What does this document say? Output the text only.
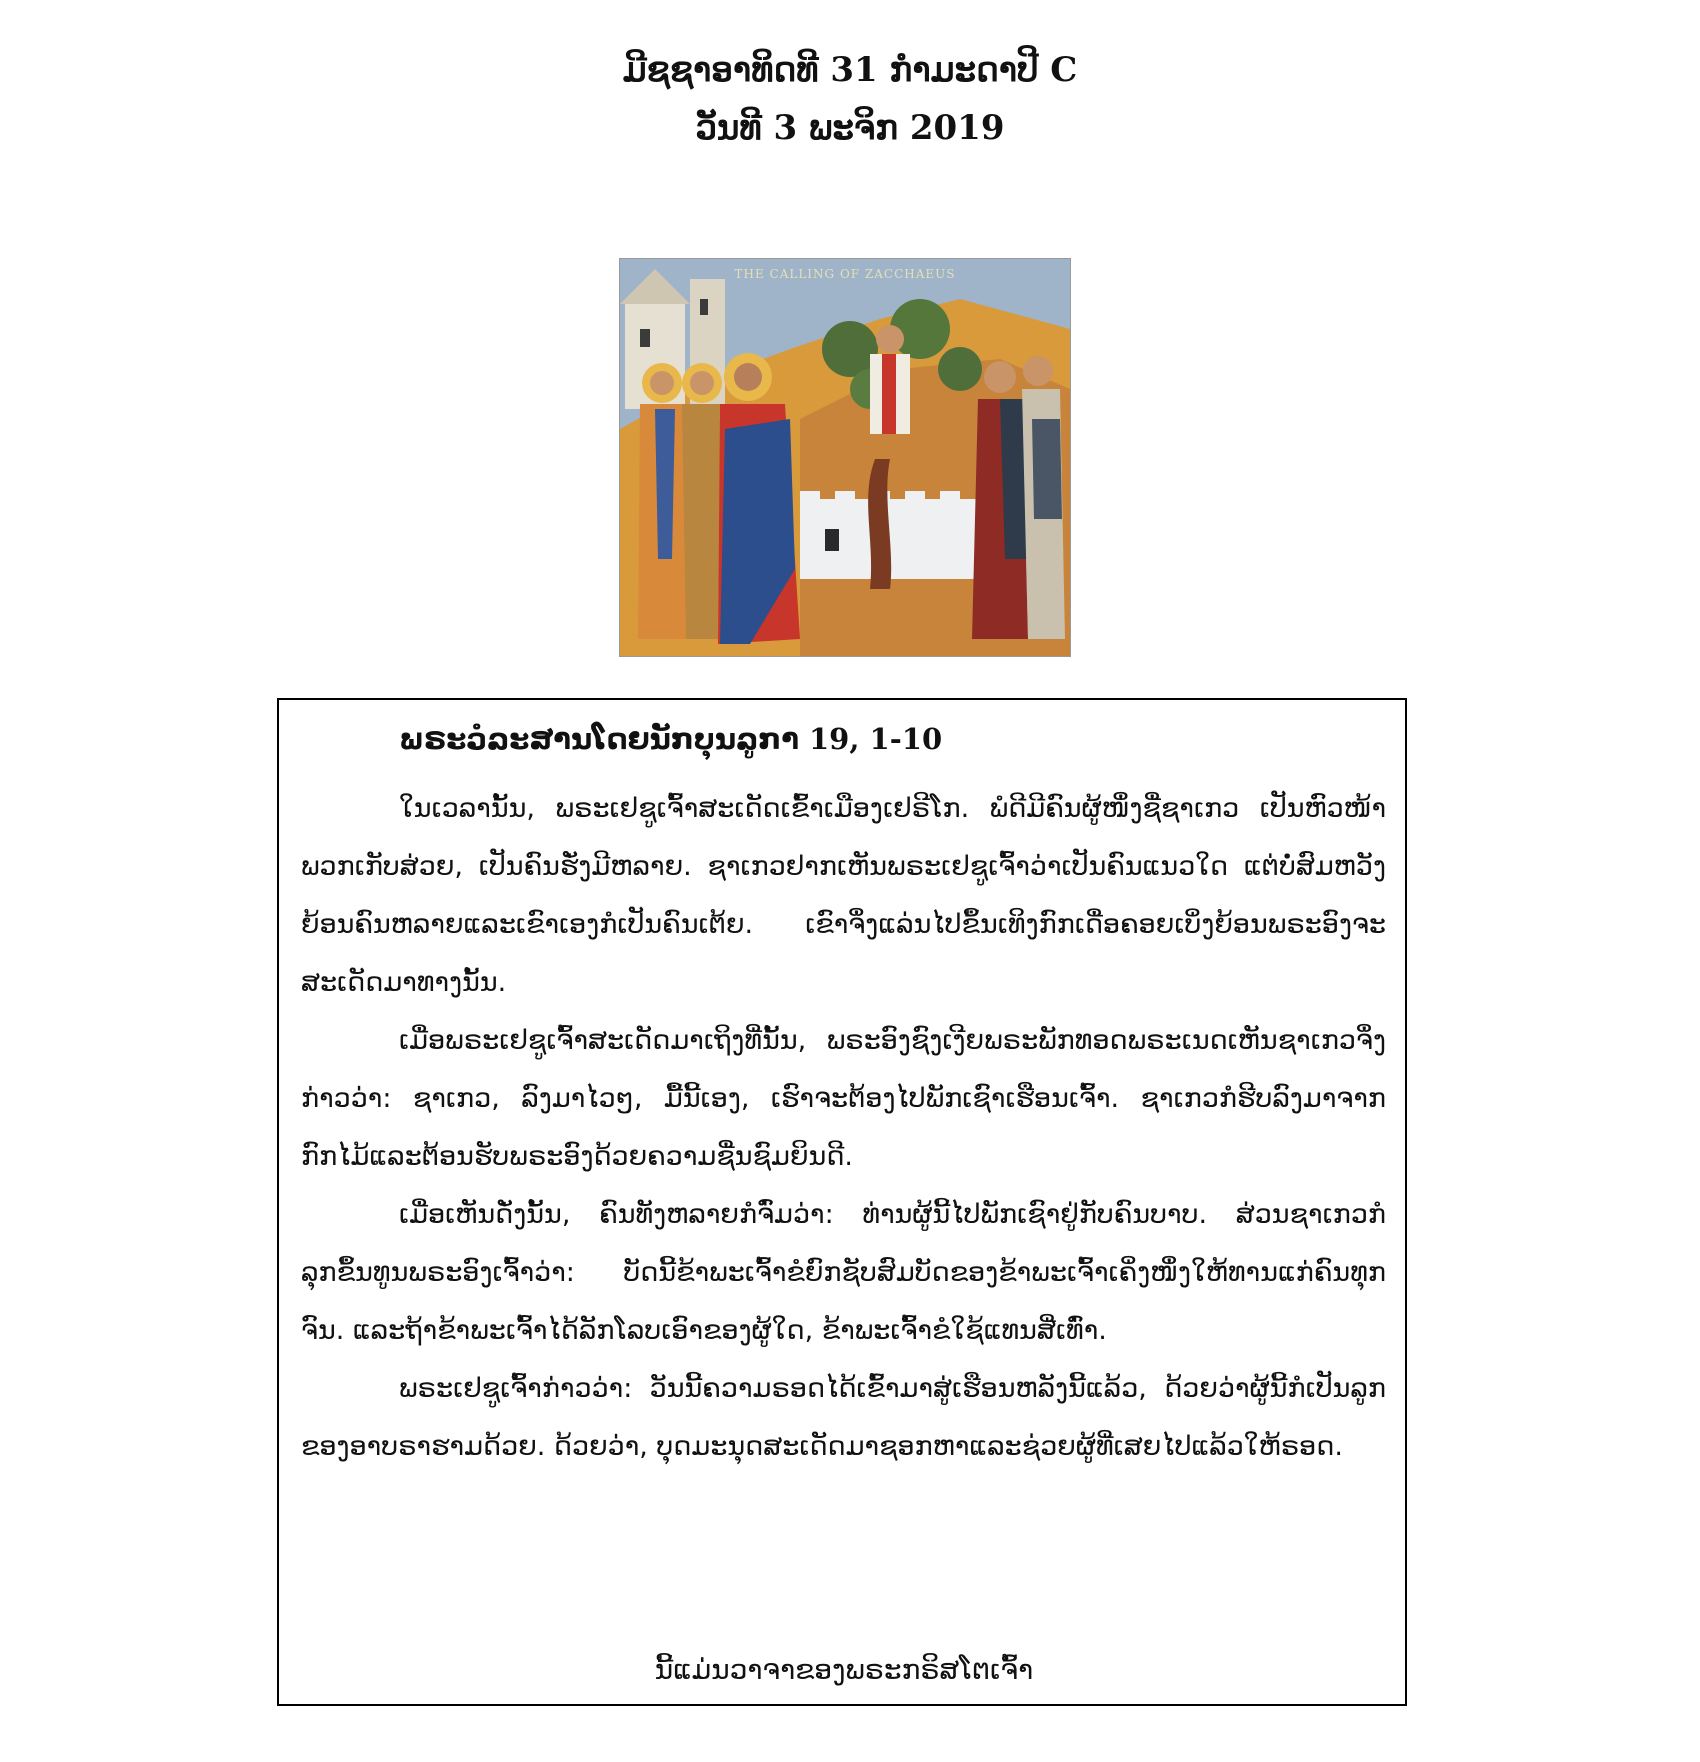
ມີຊຊາອາທິດທີ 31 ກໍາມະດາປີ C
ວັນທີ 3 ພະຈິກ 2019
THE CALLING OF ZACCHAEUS
ພຣະວໍລະສານໂດຍນັກບຸນລູກາ 19, 1-10

ໃນເວລານັ້ນ, ພຣະເຢຊູເຈົ້າສະເດັດເຂົ້າເມືອງເຢຣີໂກ. ພໍດີມີຄົນຜູ້ໜຶ່ງຊື່ຊາເກວ ເປັນຫົວໜ້າພວກເກັບສ່ວຍ, ເປັນຄົນຮັ່ງມີຫລາຍ. ຊາເກວຢາກເຫັນພຣະເຢຊູເຈົ້າວ່າເປັນຄົນແນວໃດ ແຕ່ບໍ່ສົມຫວັງຍ້ອນຄົນຫລາຍແລະເຂົາເອງກໍເປັນຄົນເຕ້ຍ. ເຂົາຈຶ່ງແລ່ນໄປຂຶ້ນເທິງກົກເດື່ອຄອຍເບິ່ງຍ້ອນພຣະອົງຈະສະເດັດມາທາງນັ້ນ.

ເມື່ອພຣະເຢຊູເຈົ້າສະເດັດມາເຖິງທີ່ນັ້ນ, ພຣະອົງຊົງເງີຍພຣະພັກທອດພຣະເນດເຫັນຊາເກວຈຶ່ງກ່າວວ່າ: ຊາເກວ, ລົງມາໄວໆ, ມື້ນີ້ເອງ, ເຮົາຈະຕ້ອງໄປພັກເຊົາເຮືອນເຈົ້າ. ຊາເກວກໍຮີບລົງມາຈາກກົກໄມ້ແລະຕ້ອນຮັບພຣະອົງດ້ວຍຄວາມຊື່ນຊົມຍິນດີ.

ເມື່ອເຫັນດັ່ງນັ້ນ, ຄົນທັງຫລາຍກໍຈົ່ມວ່າ: ທ່ານຜູ້ນີ້ໄປພັກເຊົາຢູ່ກັບຄົນບາບ. ສ່ວນຊາເກວກໍລຸກຂຶ້ນທູນພຣະອົງເຈົ້າວ່າ: ບັດນີ້ຂ້າພະເຈົ້າຂໍຍົກຊັບສົມບັດຂອງຂ້າພະເຈົ້າເຄິ່ງໜຶ່ງໃຫ້ທານແກ່ຄົນທຸກຈົນ. ແລະຖ້າຂ້າພະເຈົ້າໄດ້ລັກໂລບເອົາຂອງຜູ້ໃດ, ຂ້າພະເຈົ້າຂໍໃຊ້ແທນສີ່ເທົ່າ.

ພຣະເຢຊູເຈົ້າກ່າວວ່າ: ວັນນີ້ຄວາມຣອດໄດ້ເຂົ້າມາສູ່ເຮືອນຫລັງນີ້ແລ້ວ, ດ້ວຍວ່າຜູ້ນີ້ກໍເປັນລູກຂອງອາບຣາຮາມດ້ວຍ. ດ້ວຍວ່າ, ບຸດມະນຸດສະເດັດມາຊອກຫາແລະຊ່ວຍຜູ້ທີ່ເສຍໄປແລ້ວໃຫ້ຣອດ.

ນີ້ແມ່ນວາຈາຂອງພຣະກຣິສໂຕເຈົ້າ
